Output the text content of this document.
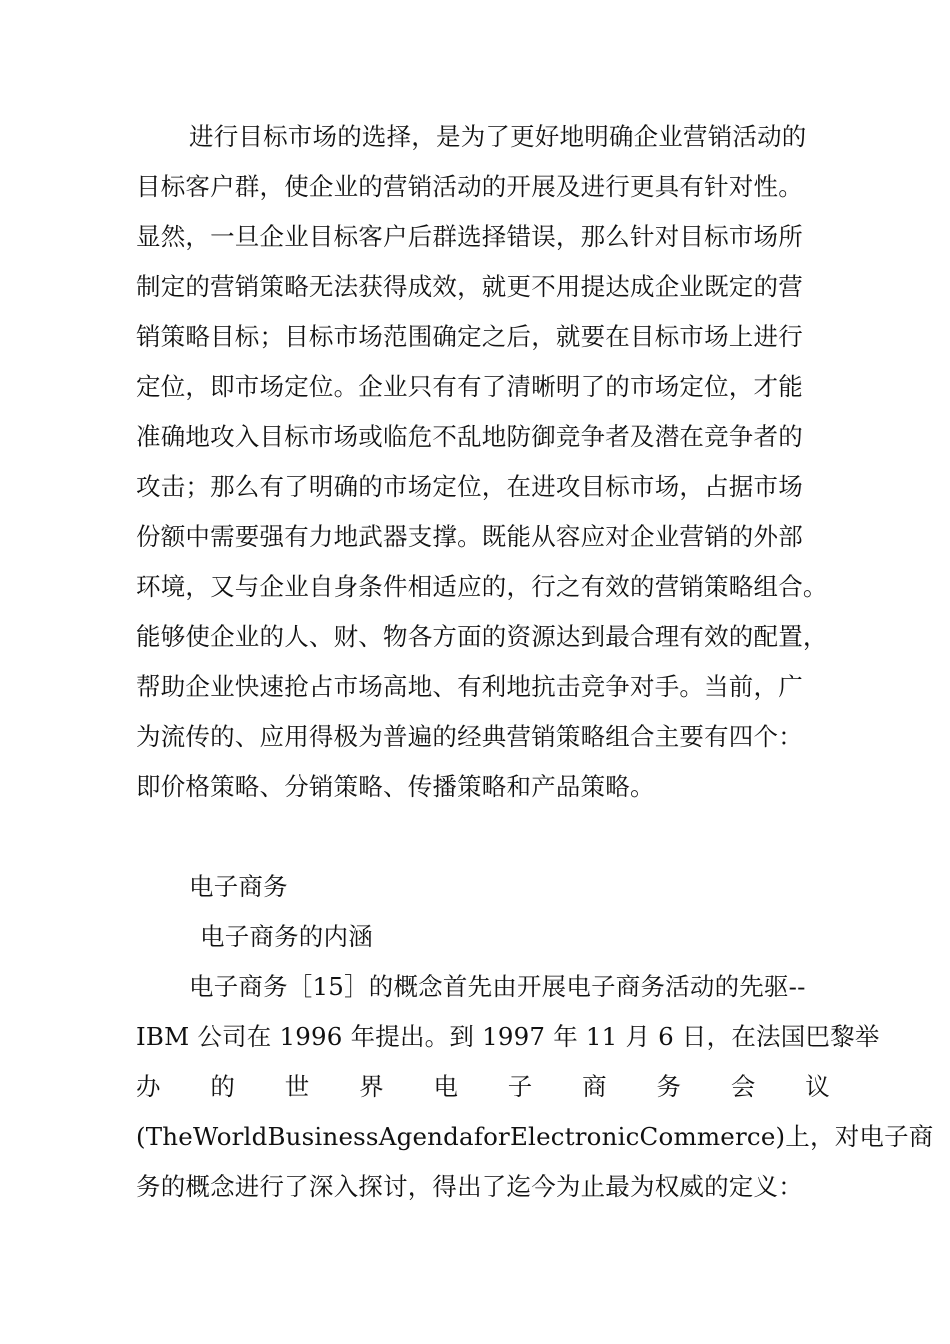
进行目标市场的选择，是为了更好地明确企业营销活动的
目标客户群，使企业的营销活动的开展及进行更具有针对性。
显然，一旦企业目标客户后群选择错误，那么针对目标市场所
制定的营销策略无法获得成效，就更不用提达成企业既定的营
销策略目标；目标市场范围确定之后，就要在目标市场上进行
定位，即市场定位。企业只有有了清晰明了的市场定位，才能
准确地攻入目标市场或临危不乱地防御竞争者及潜在竞争者的
攻击；那么有了明确的市场定位，在进攻目标市场，占据市场
份额中需要强有力地武器支撑。既能从容应对企业营销的外部
环境，又与企业自身条件相适应的，行之有效的营销策略组合。
能够使企业的人、财、物各方面的资源达到最合理有效的配置，
帮助企业快速抢占市场高地、有利地抗击竞争对手。当前，广
为流传的、应用得极为普遍的经典营销策略组合主要有四个：
即价格策略、分销策略、传播策略和产品策略。
电子商务
电子商务的内涵
电子商务［15］的概念首先由开展电子商务活动的先驱--
IBM 公司在 1996 年提出。到 1997 年 11 月 6 日，在法国巴黎举
办 的 世 界 电 子 商 务 会 议
(TheWorldBusinessAgendaforElectronicCommerce)上，对电子商
务的概念进行了深入探讨，得出了迄今为止最为权威的定义：
